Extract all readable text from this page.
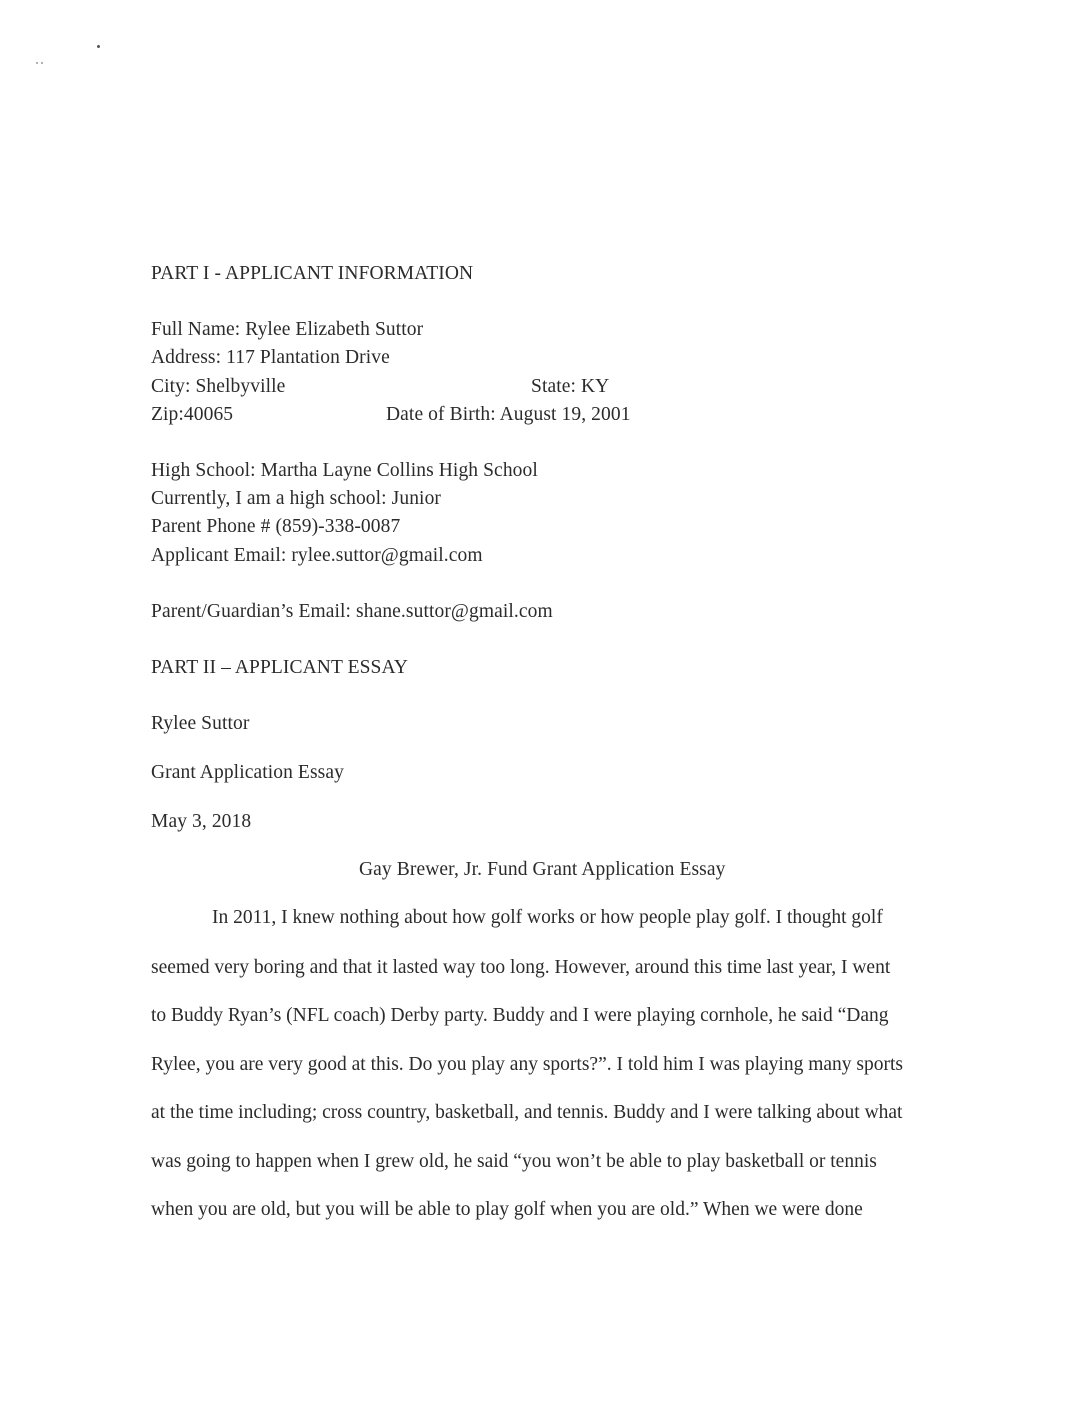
PART I - APPLICANT INFORMATION
Full Name: Rylee Elizabeth Suttor
Address: 117 Plantation Drive
City: Shelbyville	State: KY
Zip:40065	Date of Birth: August 19, 2001
High School: Martha Layne Collins High School
Currently, I am a high school: Junior
Parent Phone # (859)-338-0087
Applicant Email: rylee.suttor@gmail.com
Parent/Guardian’s Email: shane.suttor@gmail.com
PART II – APPLICANT ESSAY
Rylee Suttor
Grant Application Essay
May 3, 2018
Gay Brewer, Jr. Fund Grant Application Essay
In 2011, I knew nothing about how golf works or how people play golf. I thought golf
seemed very boring and that it lasted way too long. However, around this time last year, I went
to Buddy Ryan’s (NFL coach) Derby party. Buddy and I were playing cornhole, he said “Dang
Rylee, you are very good at this. Do you play any sports?”. I told him I was playing many sports
at the time including; cross country, basketball, and tennis. Buddy and I were talking about what
was going to happen when I grew old, he said “you won’t be able to play basketball or tennis
when you are old, but you will be able to play golf when you are old.” When we were done
